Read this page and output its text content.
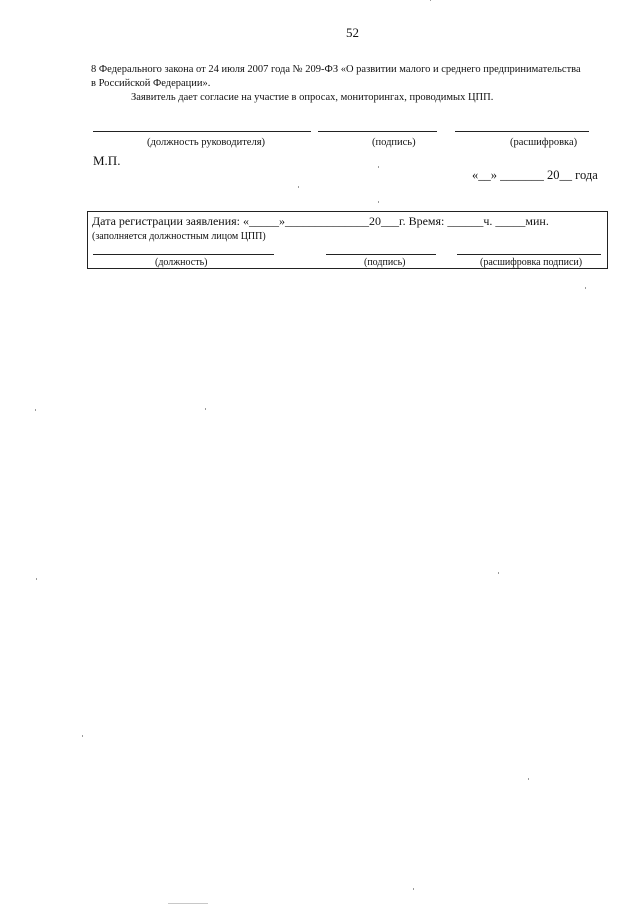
52
8 Федерального закона от 24 июля 2007 года № 209-ФЗ «О развитии малого и среднего предпринимательства
в Российской Федерации».
Заявитель дает согласие на участие в опросах, мониторингах, проводимых ЦПП.
(должность руководителя)	(подпись)	(расшифровка)
М.П.
«__» _______ 20__ года
Дата регистрации заявления: «_____»______________20___г. Время: ______ч. _____мин.
(заполняется должностным лицом ЦПП)
(должность)	(подпись)	(расшифровка подписи)
